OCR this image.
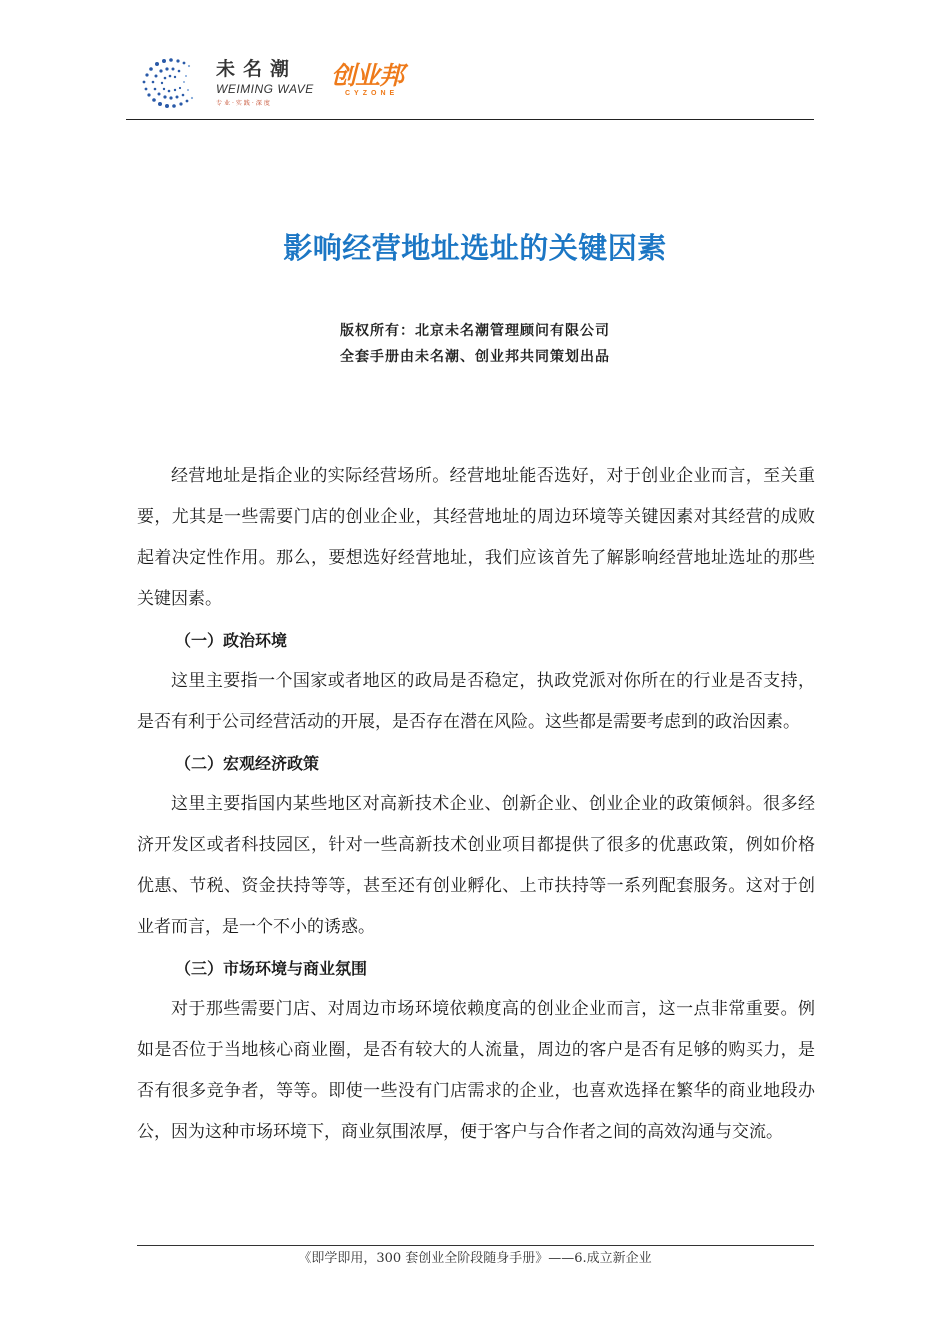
未名潮
WEIMING WAVE
专业·实践·深度
创业邦
CYZONE
影响经营地址选址的关键因素
版权所有：北京未名潮管理顾问有限公司
全套手册由未名潮、创业邦共同策划出品

经营地址是指企业的实际经营场所。经营地址能否选好，对于创业企业而言，至关重要，尤其是一些需要门店的创业企业，其经营地址的周边环境等关键因素对其经营的成败起着决定性作用。那么，要想选好经营地址，我们应该首先了解影响经营地址选址的那些关键因素。

（一）政治环境

这里主要指一个国家或者地区的政局是否稳定，执政党派对你所在的行业是否支持，是否有利于公司经营活动的开展，是否存在潜在风险。这些都是需要考虑到的政治因素。

（二）宏观经济政策

这里主要指国内某些地区对高新技术企业、创新企业、创业企业的政策倾斜。很多经济开发区或者科技园区，针对一些高新技术创业项目都提供了很多的优惠政策，例如价格优惠、节税、资金扶持等等，甚至还有创业孵化、上市扶持等一系列配套服务。这对于创业者而言，是一个不小的诱惑。

（三）市场环境与商业氛围

对于那些需要门店、对周边市场环境依赖度高的创业企业而言，这一点非常重要。例如是否位于当地核心商业圈，是否有较大的人流量，周边的客户是否有足够的购买力，是否有很多竞争者，等等。即使一些没有门店需求的企业，也喜欢选择在繁华的商业地段办公，因为这种市场环境下，商业氛围浓厚，便于客户与合作者之间的高效沟通与交流。

《即学即用，300 套创业全阶段随身手册》——6.成立新企业
